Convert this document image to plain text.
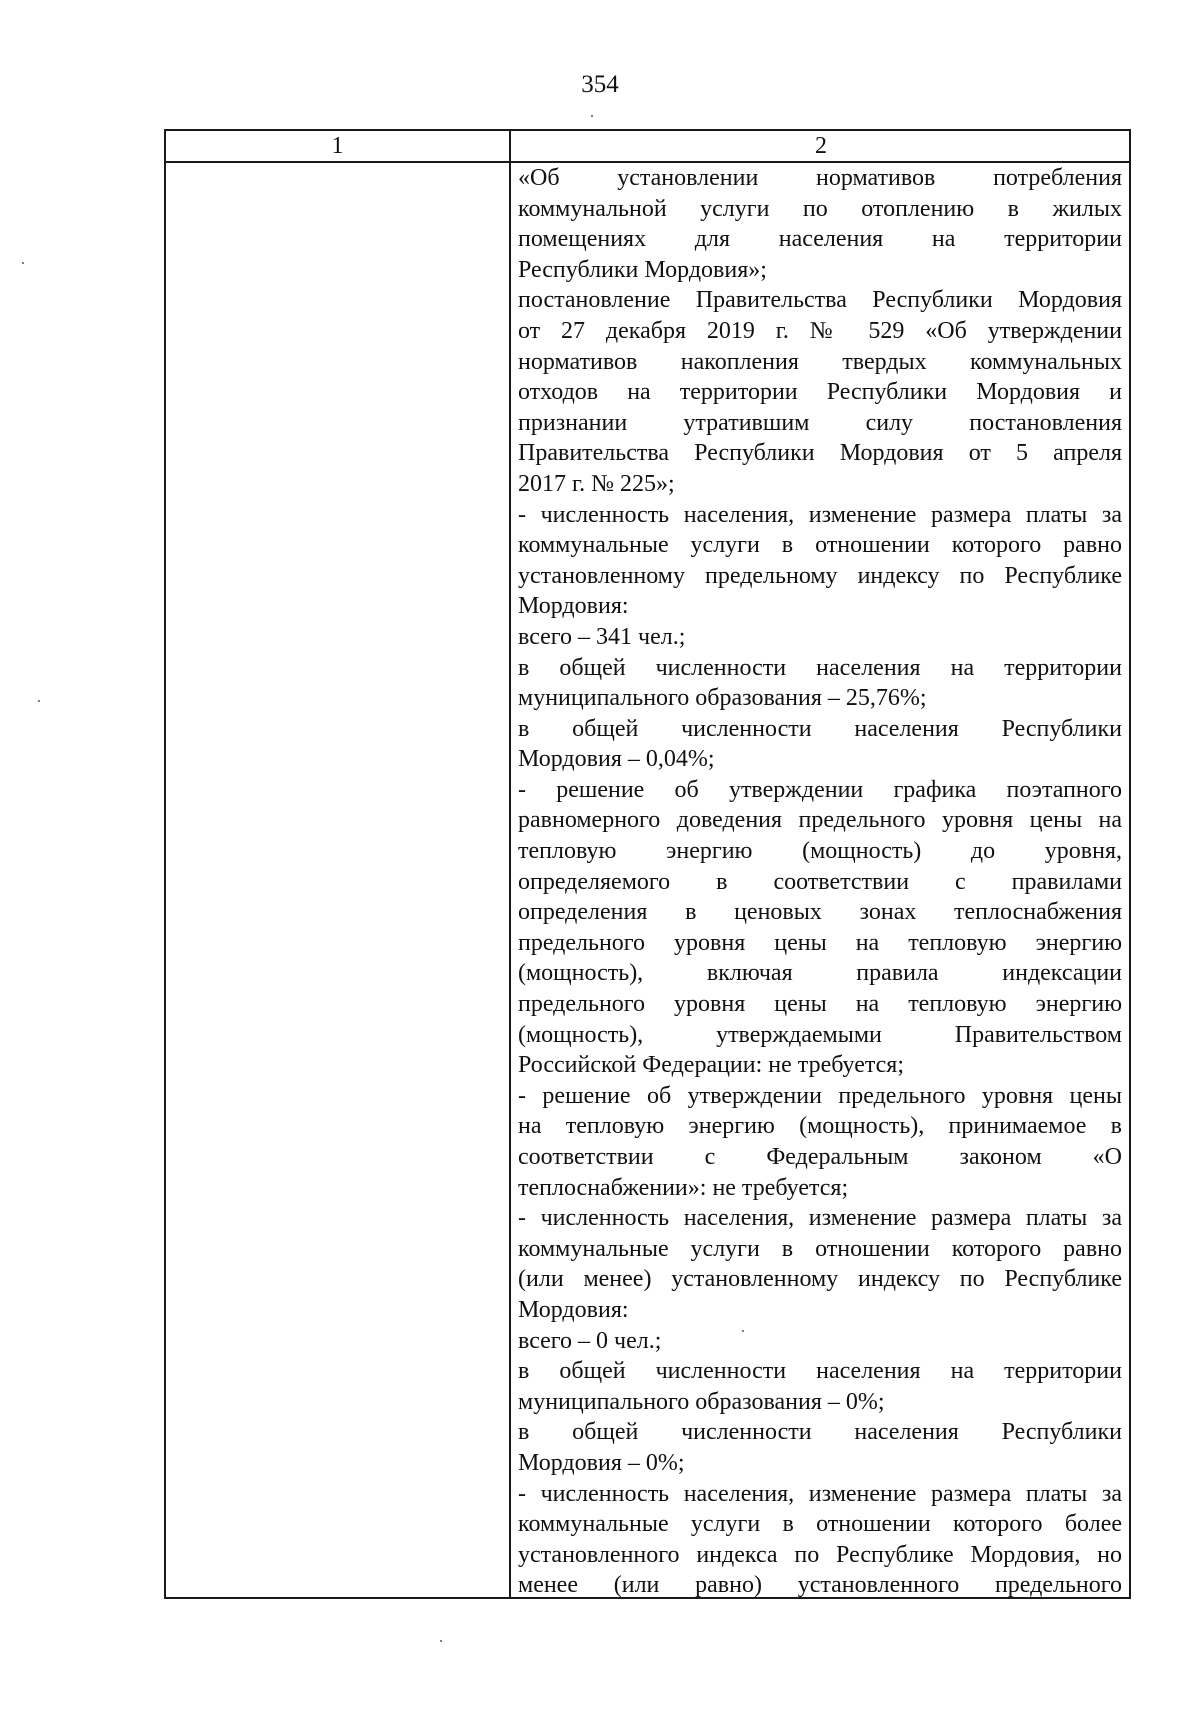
354
1	2
«Об установлении нормативов потребления
коммунальной услуги по отоплению в жилых
помещениях для населения на территории
Республики Мордовия»;
постановление Правительства Республики Мордовия
от 27 декабря 2019 г. № 529 «Об утверждении
нормативов накопления твердых коммунальных
отходов на территории Республики Мордовия и
признании утратившим силу постановления
Правительства Республики Мордовия от 5 апреля
2017 г. № 225»;
- численность населения, изменение размера платы за
коммунальные услуги в отношении которого равно
установленному предельному индексу по Республике
Мордовия:
всего – 341 чел.;
в общей численности населения на территории
муниципального образования – 25,76%;
в общей численности населения Республики
Мордовия – 0,04%;
- решение об утверждении графика поэтапного
равномерного доведения предельного уровня цены на
тепловую энергию (мощность) до уровня,
определяемого в соответствии с правилами
определения в ценовых зонах теплоснабжения
предельного уровня цены на тепловую энергию
(мощность), включая правила индексации
предельного уровня цены на тепловую энергию
(мощность), утверждаемыми Правительством
Российской Федерации: не требуется;
- решение об утверждении предельного уровня цены
на тепловую энергию (мощность), принимаемое в
соответствии с Федеральным законом «О
теплоснабжении»: не требуется;
- численность населения, изменение размера платы за
коммунальные услуги в отношении которого равно
(или менее) установленному индексу по Республике
Мордовия:
всего – 0 чел.;
в общей численности населения на территории
муниципального образования – 0%;
в общей численности населения Республики
Мордовия – 0%;
- численность населения, изменение размера платы за
коммунальные услуги в отношении которого более
установленного индекса по Республике Мордовия, но
менее (или равно) установленного предельного
